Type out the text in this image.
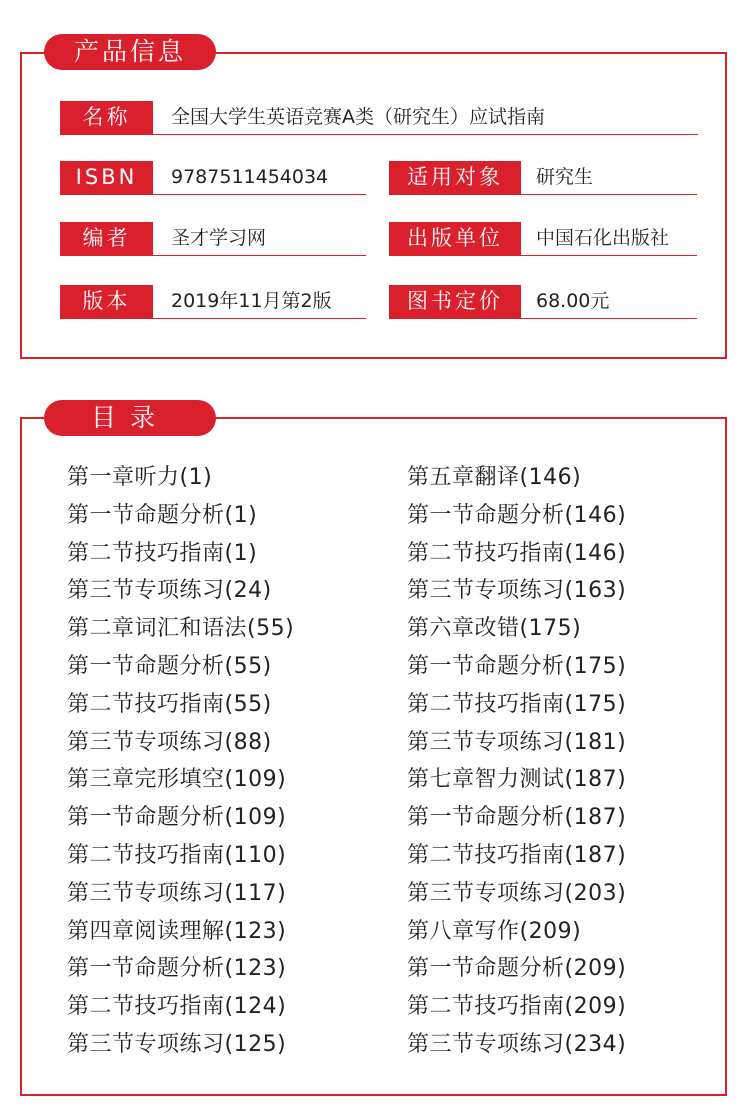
产品信息
名称	全国大学生英语竞赛A类（研究生）应试指南
ISBN	9787511454034	适用对象	研究生
编者	圣才学习网	出版单位	中国石化出版社
版本	2019年11月第2版	图书定价	68.00元
目录
第一章听力(1)
第一节命题分析(1)
第二节技巧指南(1)
第三节专项练习(24)
第二章词汇和语法(55)
第一节命题分析(55)
第二节技巧指南(55)
第三节专项练习(88)
第三章完形填空(109)
第一节命题分析(109)
第二节技巧指南(110)
第三节专项练习(117)
第四章阅读理解(123)
第一节命题分析(123)
第二节技巧指南(124)
第三节专项练习(125)
第五章翻译(146)
第一节命题分析(146)
第二节技巧指南(146)
第三节专项练习(163)
第六章改错(175)
第一节命题分析(175)
第二节技巧指南(175)
第三节专项练习(181)
第七章智力测试(187)
第一节命题分析(187)
第二节技巧指南(187)
第三节专项练习(203)
第八章写作(209)
第一节命题分析(209)
第二节技巧指南(209)
第三节专项练习(234)
